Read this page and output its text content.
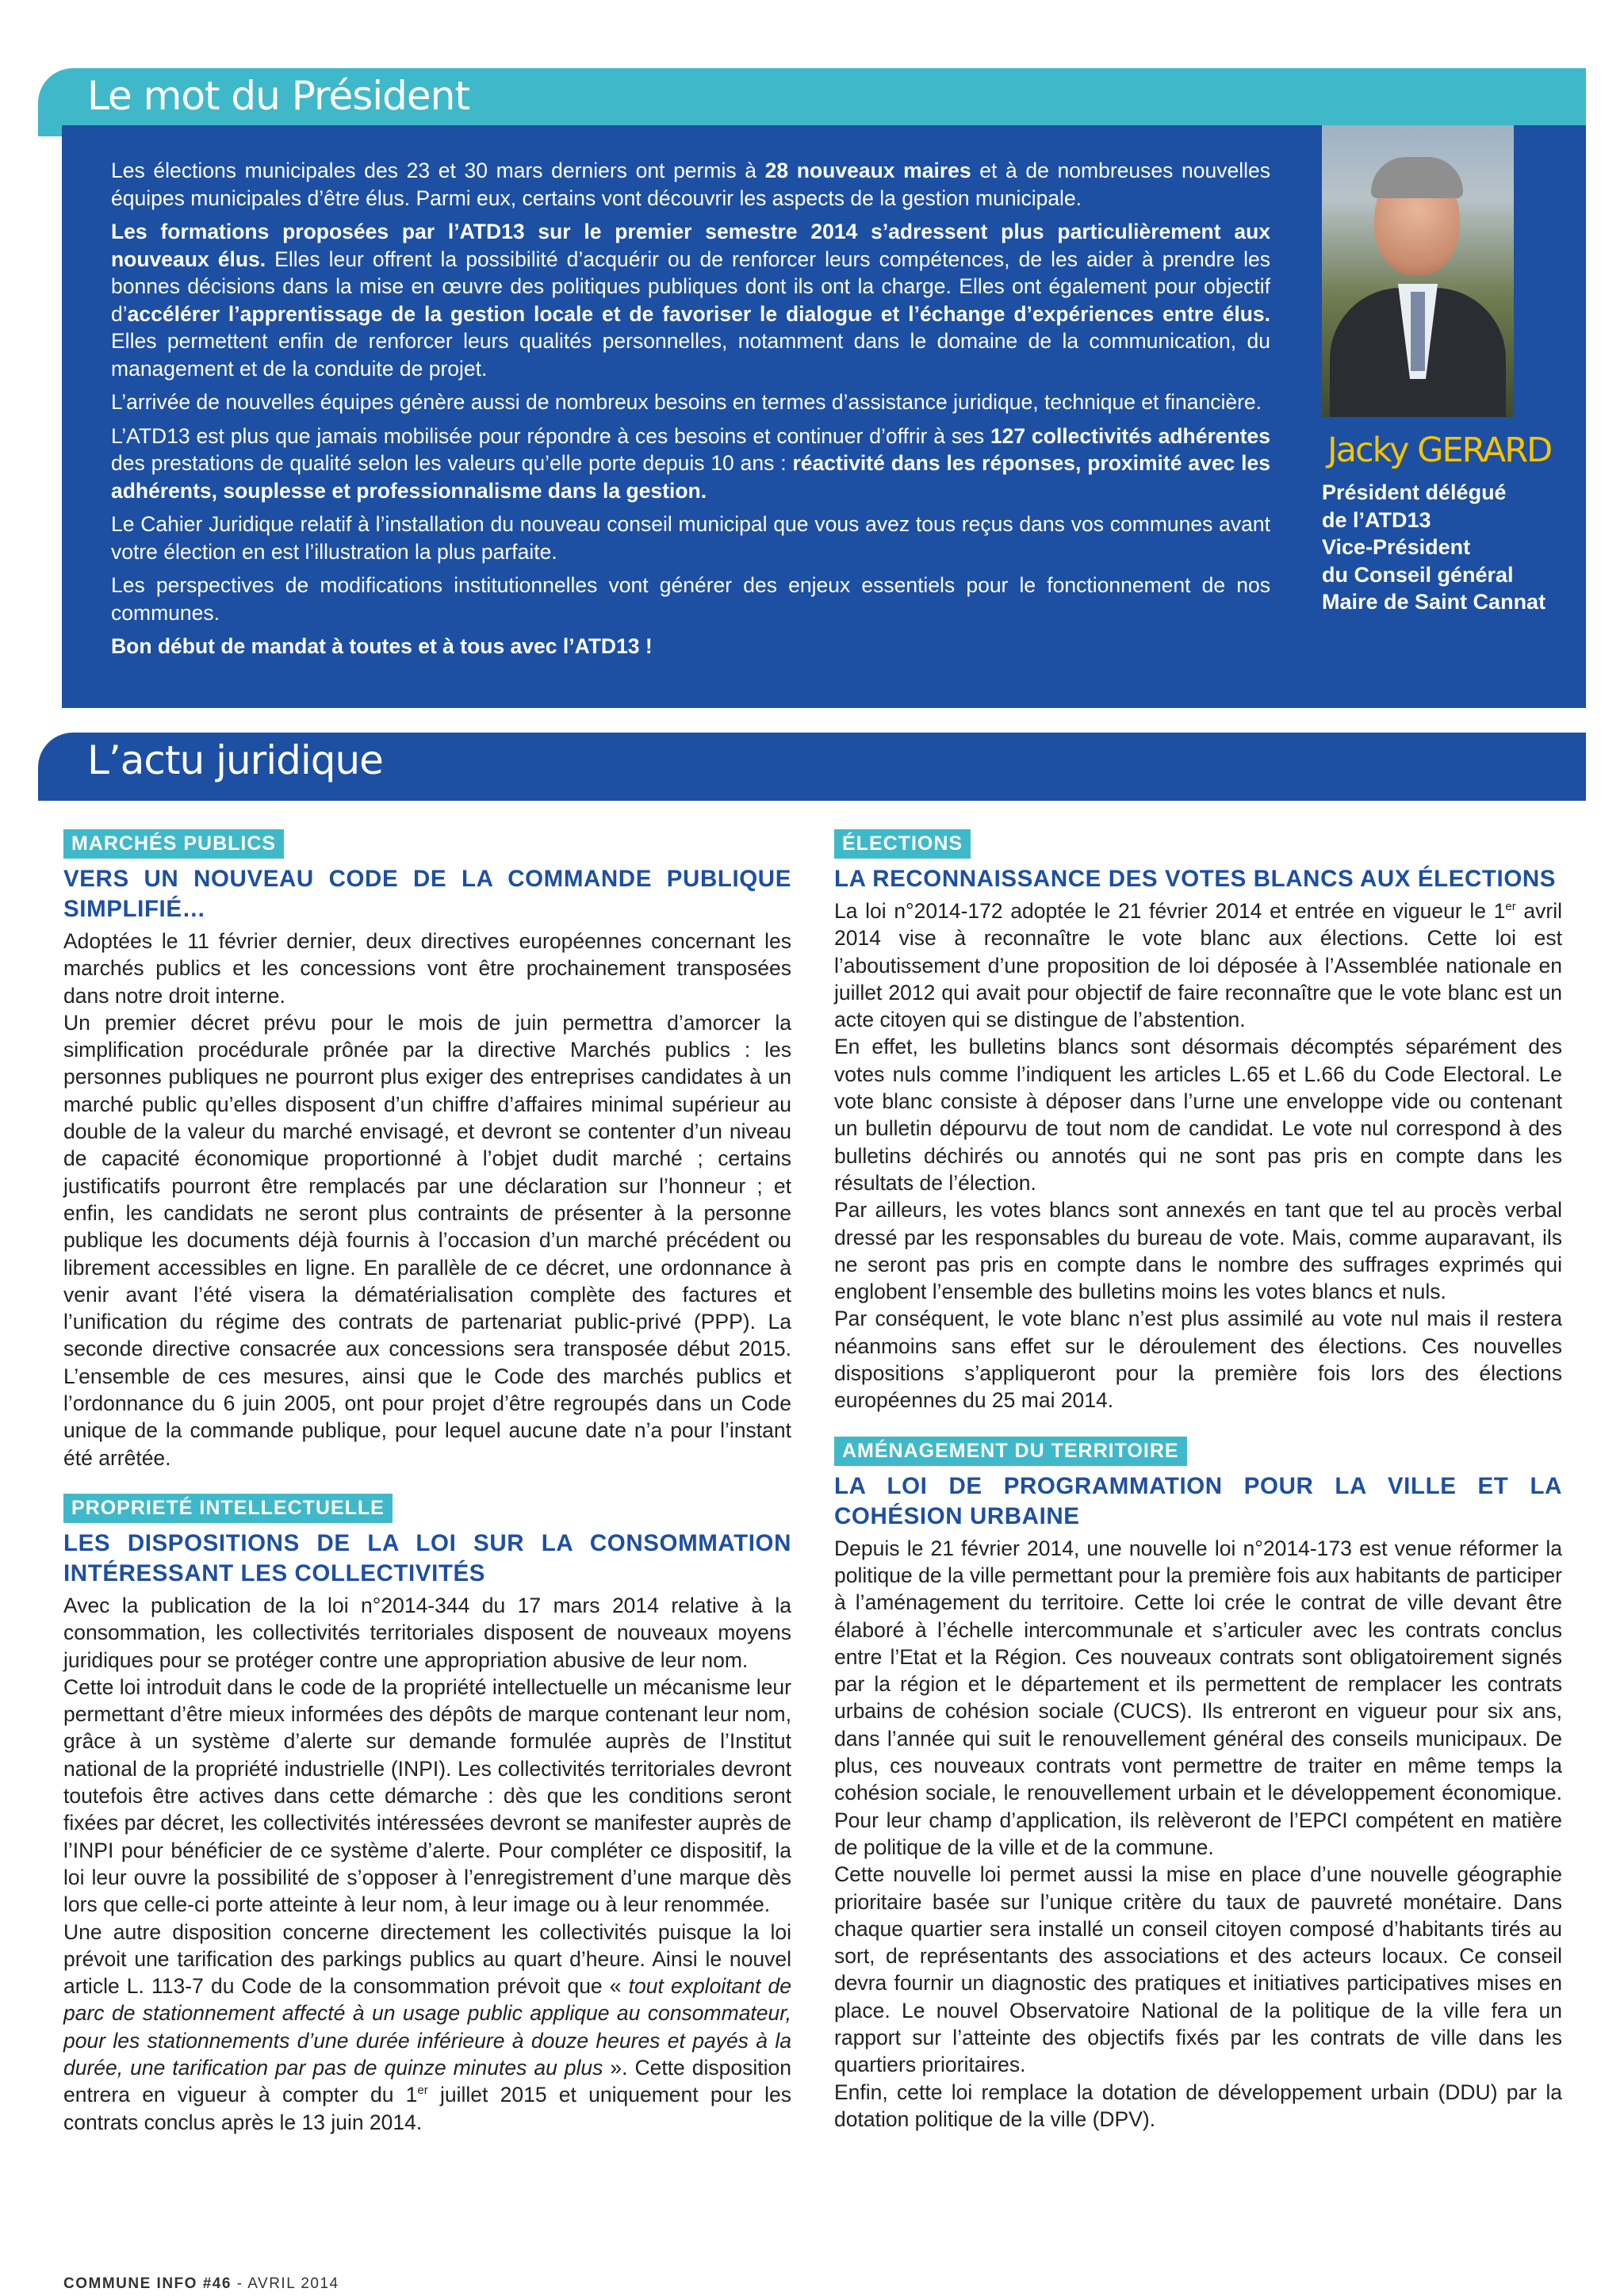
Le mot du Président

Les élections municipales des 23 et 30 mars derniers ont permis à 28 nouveaux maires et à de nombreuses nouvelles équipes municipales d’être élus. Parmi eux, certains vont découvrir les aspects de la gestion municipale.

Les formations proposées par l’ATD13 sur le premier semestre 2014 s’adressent plus particulièrement aux nouveaux élus. Elles leur offrent la possibilité d’acquérir ou de renforcer leurs compétences, de les aider à prendre les bonnes décisions dans la mise en œuvre des politiques publiques dont ils ont la charge. Elles ont également pour objectif d’accélérer l’apprentissage de la gestion locale et de favoriser le dialogue et l’échange d’expériences entre élus. Elles permettent enfin de renforcer leurs qualités personnelles, notamment dans le domaine de la communication, du management et de la conduite de projet.

L’arrivée de nouvelles équipes génère aussi de nombreux besoins en termes d’assistance juridique, technique et financière.

L’ATD13 est plus que jamais mobilisée pour répondre à ces besoins et continuer d’offrir à ses 127 collectivités adhérentes des prestations de qualité selon les valeurs qu’elle porte depuis 10 ans : réactivité dans les réponses, proximité avec les adhérents, souplesse et professionnalisme dans la gestion.

Le Cahier Juridique relatif à l’installation du nouveau conseil municipal que vous avez tous reçus dans vos communes avant votre élection en est l’illustration la plus parfaite.

Les perspectives de modifications institutionnelles vont générer des enjeux essentiels pour le fonctionnement de nos communes.

Bon début de mandat à toutes et à tous avec l’ATD13 !

Jacky GERARD
Président délégué
de l’ATD13
Vice-Président
du Conseil général
Maire de Saint Cannat
L’actu juridique
MARCHÉS PUBLICS
VERS UN NOUVEAU CODE DE LA COMMANDE PUBLIQUE SIMPLIFIÉ…

Adoptées le 11 février dernier, deux directives européennes concernant les marchés publics et les concessions vont être prochainement transposées dans notre droit interne.

Un premier décret prévu pour le mois de juin permettra d’amorcer la simplification procédurale prônée par la directive Marchés publics : les personnes publiques ne pourront plus exiger des entreprises candidates à un marché public qu’elles disposent d’un chiffre d’affaires minimal supérieur au double de la valeur du marché envisagé, et devront se contenter d’un niveau de capacité économique proportionné à l’objet dudit marché ; certains justificatifs pourront être remplacés par une déclaration sur l’honneur ; et enfin, les candidats ne seront plus contraints de présenter à la personne publique les documents déjà fournis à l’occasion d’un marché précédent ou librement accessibles en ligne. En parallèle de ce décret, une ordonnance à venir avant l’été visera la dématérialisation complète des factures et l’unification du régime des contrats de partenariat public-privé (PPP). La seconde directive consacrée aux concessions sera transposée début 2015. L’ensemble de ces mesures, ainsi que le Code des marchés publics et l’ordonnance du 6 juin 2005, ont pour projet d’être regroupés dans un Code unique de la commande publique, pour lequel aucune date n’a pour l’instant été arrêtée.

PROPRIETÉ INTELLECTUELLE
LES DISPOSITIONS DE LA LOI SUR LA CONSOMMATION INTÉRESSANT LES COLLECTIVITÉS

Avec la publication de la loi n°2014-344 du 17 mars 2014 relative à la consommation, les collectivités territoriales disposent de nouveaux moyens juridiques pour se protéger contre une appropriation abusive de leur nom.

Cette loi introduit dans le code de la propriété intellectuelle un mécanisme leur permettant d’être mieux informées des dépôts de marque contenant leur nom, grâce à un système d’alerte sur demande formulée auprès de l’Institut national de la propriété industrielle (INPI). Les collectivités territoriales devront toutefois être actives dans cette démarche : dès que les conditions seront fixées par décret, les collectivités intéressées devront se manifester auprès de l’INPI pour bénéficier de ce système d’alerte. Pour compléter ce dispositif, la loi leur ouvre la possibilité de s’opposer à l’enregistrement d’une marque dès lors que celle-ci porte atteinte à leur nom, à leur image ou à leur renommée.

Une autre disposition concerne directement les collectivités puisque la loi prévoit une tarification des parkings publics au quart d’heure. Ainsi le nouvel article L. 113-7 du Code de la consommation prévoit que « tout exploitant de parc de stationnement affecté à un usage public applique au consommateur, pour les stationnements d’une durée inférieure à douze heures et payés à la durée, une tarification par pas de quinze minutes au plus ». Cette disposition entrera en vigueur à compter du 1er juillet 2015 et uniquement pour les contrats conclus après le 13 juin 2014.

ÉLECTIONS
LA RECONNAISSANCE DES VOTES BLANCS AUX ÉLECTIONS

La loi n°2014-172 adoptée le 21 février 2014 et entrée en vigueur le 1er avril 2014 vise à reconnaître le vote blanc aux élections. Cette loi est l’aboutissement d’une proposition de loi déposée à l’Assemblée nationale en juillet 2012 qui avait pour objectif de faire reconnaître que le vote blanc est un acte citoyen qui se distingue de l’abstention.

En effet, les bulletins blancs sont désormais décomptés séparément des votes nuls comme l’indiquent les articles L.65 et L.66 du Code Electoral. Le vote blanc consiste à déposer dans l’urne une enveloppe vide ou contenant un bulletin dépourvu de tout nom de candidat. Le vote nul correspond à des bulletins déchirés ou annotés qui ne sont pas pris en compte dans les résultats de l’élection.

Par ailleurs, les votes blancs sont annexés en tant que tel au procès verbal dressé par les responsables du bureau de vote. Mais, comme auparavant, ils ne seront pas pris en compte dans le nombre des suffrages exprimés qui englobent l’ensemble des bulletins moins les votes blancs et nuls.

Par conséquent, le vote blanc n’est plus assimilé au vote nul mais il restera néanmoins sans effet sur le déroulement des élections. Ces nouvelles dispositions s’appliqueront pour la première fois lors des élections européennes du 25 mai 2014.

AMÉNAGEMENT DU TERRITOIRE
LA LOI DE PROGRAMMATION POUR LA VILLE ET LA COHÉSION URBAINE

Depuis le 21 février 2014, une nouvelle loi n°2014-173 est venue réformer la politique de la ville permettant pour la première fois aux habitants de participer à l’aménagement du territoire. Cette loi crée le contrat de ville devant être élaboré à l’échelle intercommunale et s’articuler avec les contrats conclus entre l’Etat et la Région. Ces nouveaux contrats sont obligatoirement signés par la région et le département et ils permettent de remplacer les contrats urbains de cohésion sociale (CUCS). Ils entreront en vigueur pour six ans, dans l’année qui suit le renouvellement général des conseils municipaux. De plus, ces nouveaux contrats vont permettre de traiter en même temps la cohésion sociale, le renouvellement urbain et le développement économique. Pour leur champ d’application, ils relèveront de l’EPCI compétent en matière de politique de la ville et de la commune.

Cette nouvelle loi permet aussi la mise en place d’une nouvelle géographie prioritaire basée sur l’unique critère du taux de pauvreté monétaire. Dans chaque quartier sera installé un conseil citoyen composé d’habitants tirés au sort, de représentants des associations et des acteurs locaux. Ce conseil devra fournir un diagnostic des pratiques et initiatives participatives mises en place. Le nouvel Observatoire National de la politique de la ville fera un rapport sur l’atteinte des objectifs fixés par les contrats de ville dans les quartiers prioritaires.

Enfin, cette loi remplace la dotation de développement urbain (DDU) par la dotation politique de la ville (DPV).

COMMUNE INFO #46 - AVRIL 2014
